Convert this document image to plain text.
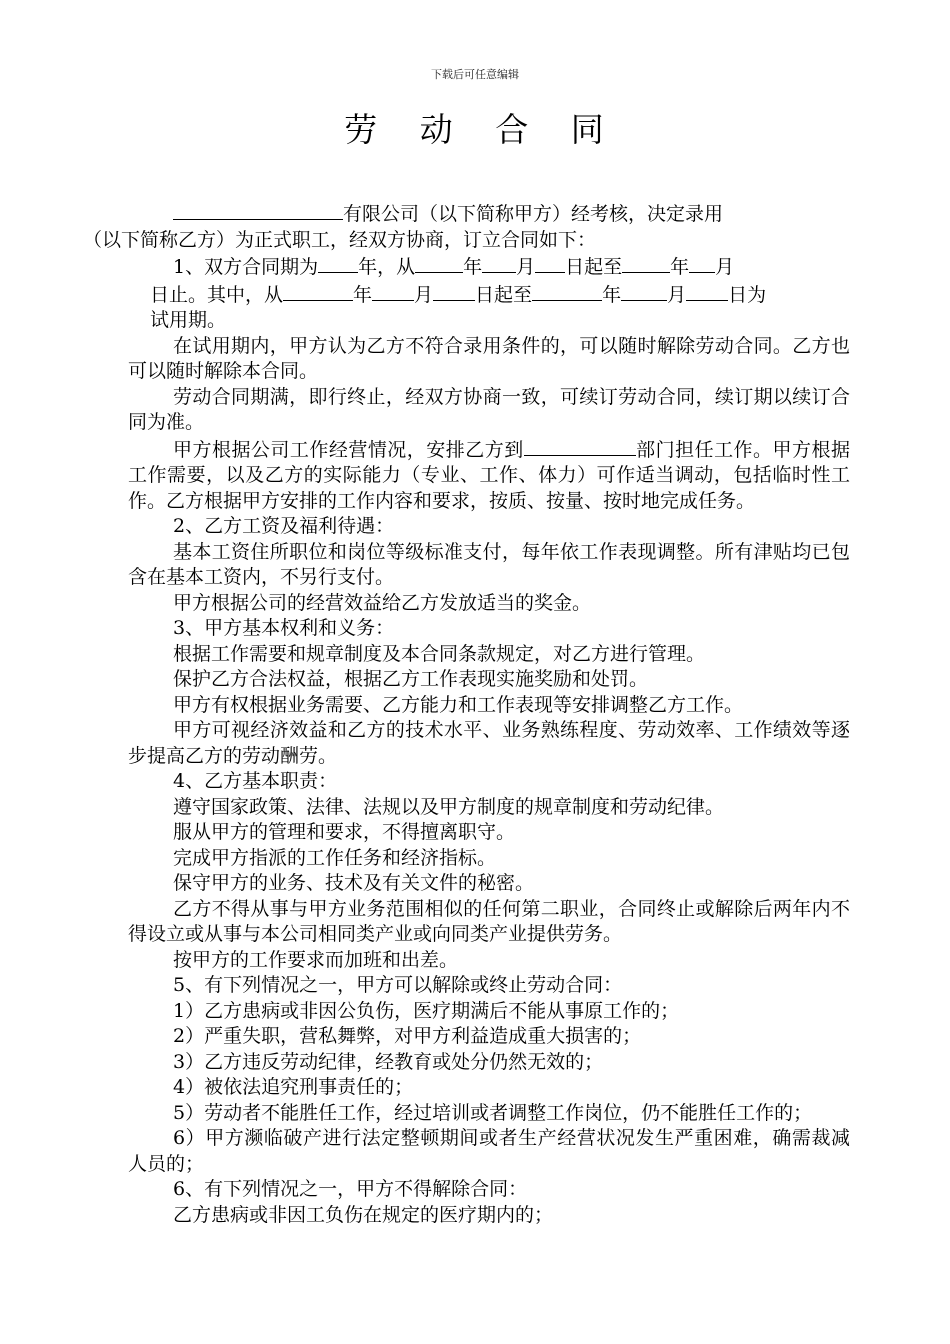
下载后可任意编辑
劳 动 合 同

有限公司（以下简称甲方）经考核，决定录用
（以下简称乙方）为正式职工，经双方协商，订立合同如下：

1、双方合同期为 年，从	年 月 日起至	年 月

日止。其中，从	年 月 日起至	年 月 日为
试用期。

在试用期内，甲方认为乙方不符合录用条件的，可以随时解除劳动合同。乙方也可以随时解除本合同。

劳动合同期满，即行终止，经双方协商一致，可续订劳动合同，续订期以续订合同为准。

甲方根据公司工作经营情况，安排乙方到	部门担任工作。甲方根据工作需要，以及乙方的实际能力（专业、工作、体力）可作适当调动，包括临时性工作。乙方根据甲方安排的工作内容和要求，按质、按量、按时地完成任务。

2、乙方工资及福利待遇：

基本工资住所职位和岗位等级标准支付，每年依工作表现调整。所有津贴均已包含在基本工资内，不另行支付。

甲方根据公司的经营效益给乙方发放适当的奖金。

3、甲方基本权利和义务：

根据工作需要和规章制度及本合同条款规定，对乙方进行管理。

保护乙方合法权益，根据乙方工作表现实施奖励和处罚。

甲方有权根据业务需要、乙方能力和工作表现等安排调整乙方工作。

甲方可视经济效益和乙方的技术水平、业务熟练程度、劳动效率、工作绩效等逐步提高乙方的劳动酬劳。

4、乙方基本职责：

遵守国家政策、法律、法规以及甲方制度的规章制度和劳动纪律。

服从甲方的管理和要求，不得擅离职守。

完成甲方指派的工作任务和经济指标。

保守甲方的业务、技术及有关文件的秘密。

乙方不得从事与甲方业务范围相似的任何第二职业，合同终止或解除后两年内不得设立或从事与本公司相同类产业或向同类产业提供劳务。

按甲方的工作要求而加班和出差。

5、有下列情况之一，甲方可以解除或终止劳动合同：

1）乙方患病或非因公负伤，医疗期满后不能从事原工作的；

2）严重失职，营私舞弊，对甲方利益造成重大损害的；

3）乙方违反劳动纪律，经教育或处分仍然无效的；

4）被依法追究刑事责任的；

5）劳动者不能胜任工作，经过培训或者调整工作岗位，仍不能胜任工作的；

6）甲方濒临破产进行法定整顿期间或者生产经营状况发生严重困难，确需裁减人员的；

6、有下列情况之一，甲方不得解除合同：

乙方患病或非因工负伤在规定的医疗期内的；
